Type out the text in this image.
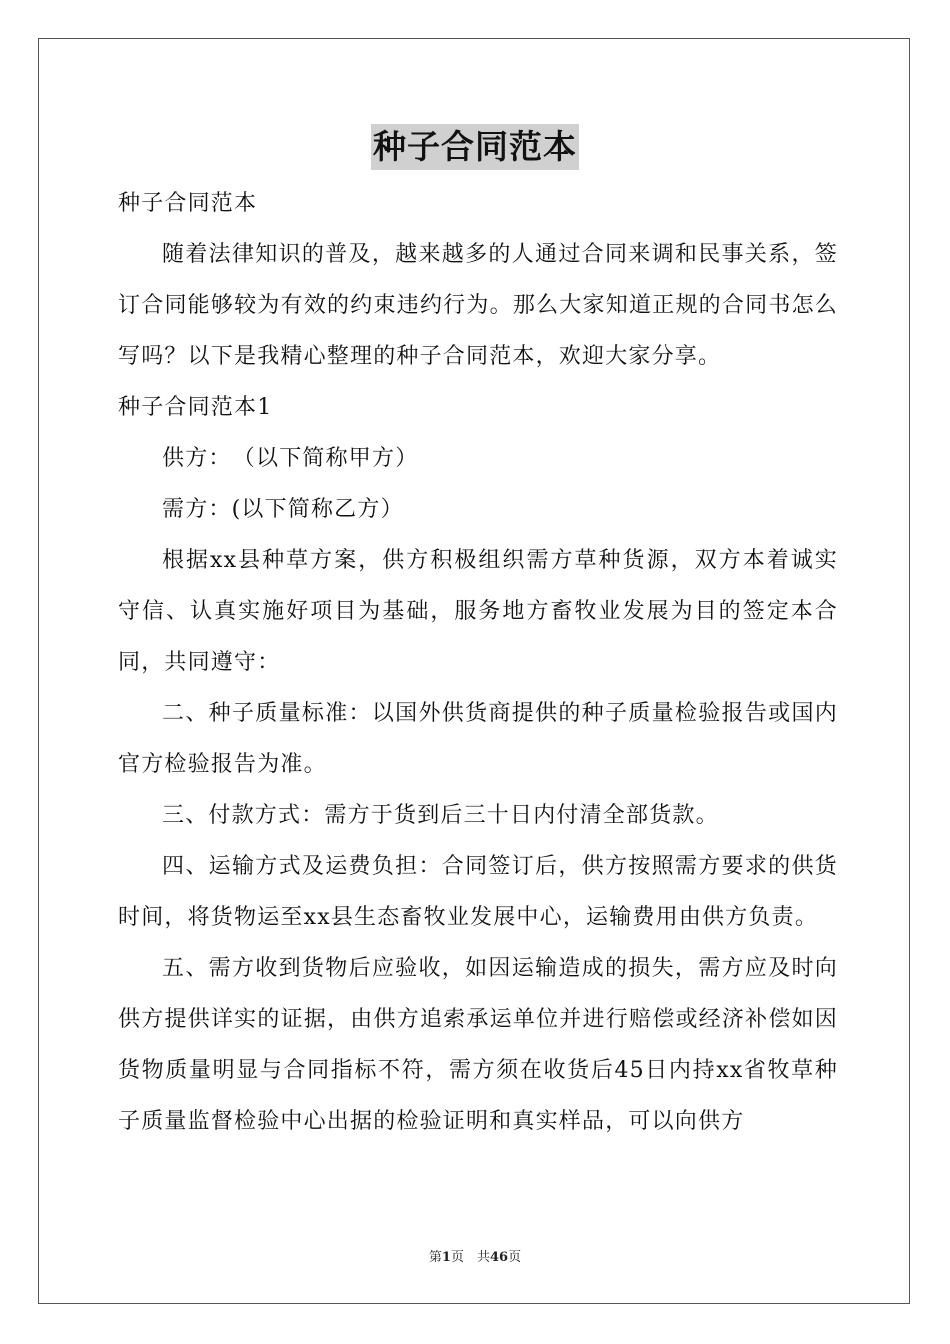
种子合同范本

种子合同范本

随着法律知识的普及，越来越多的人通过合同来调和民事关系，签订合同能够较为有效的约束违约行为。那么大家知道正规的合同书怎么写吗？以下是我精心整理的种子合同范本，欢迎大家分享。

种子合同范本1

供方：　（以下简称甲方）

需方：(以下简称乙方）

根据xx县种草方案，供方积极组织需方草种货源，双方本着诚实守信、认真实施好项目为基础，服务地方畜牧业发展为目的签定本合同，共同遵守：

二、种子质量标准：以国外供货商提供的种子质量检验报告或国内官方检验报告为准。

三、付款方式：需方于货到后三十日内付清全部货款。

四、运输方式及运费负担：合同签订后，供方按照需方要求的供货时间，将货物运至xx县生态畜牧业发展中心，运输费用由供方负责。

五、需方收到货物后应验收，如因运输造成的损失，需方应及时向供方提供详实的证据，由供方追索承运单位并进行赔偿或经济补偿如因货物质量明显与合同指标不符，需方须在收货后45日内持xx省牧草种子质量监督检验中心出据的检验证明和真实样品，可以向供方

第1页　共46页
